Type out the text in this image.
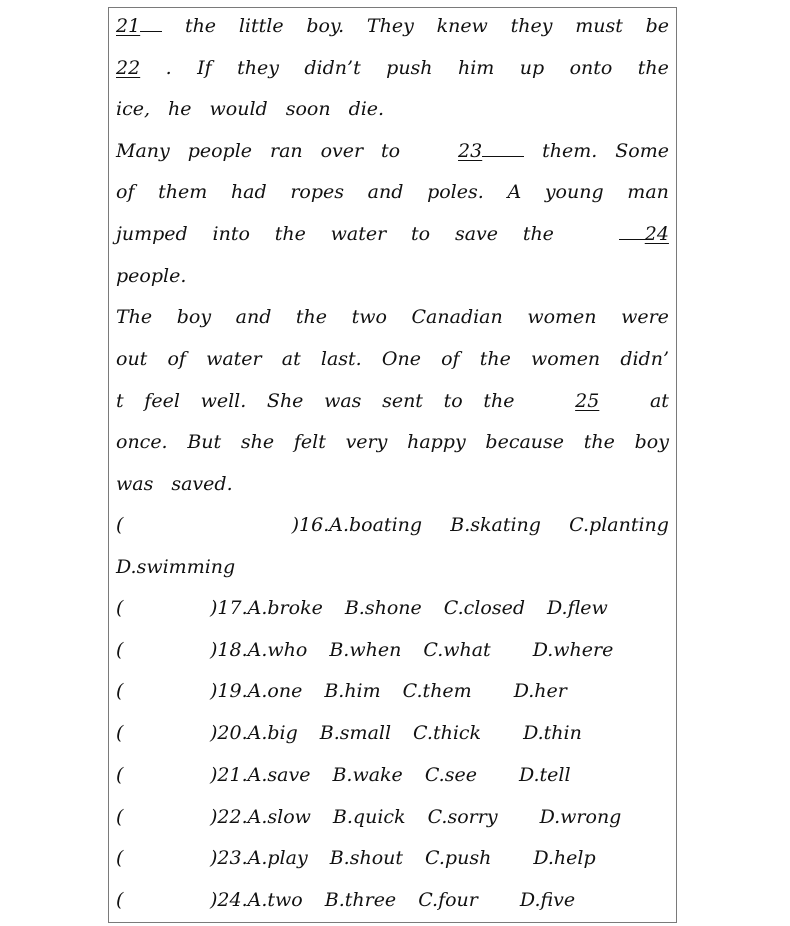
21	the little boy. They knew they must be
22 . If they didn’t push him up onto the
ice, he would soon die.
Many people ran over to	23	them. Some
of them had ropes and poles. A young man
jumped into the water to save the	24
people.
The boy and the two Canadian women were
out of water at last. One of the women didn’
t feel well. She was sent to the	25	at
once. But she felt very happy because the boy
was saved.
(	)16.A.boating B.skating C.planting
D.swimming
(	)17.A.broke B.shone C.closed D.flew
(	)18.A.who B.when C.what D.where
(	)19.A.one B.him C.them D.her
(	)20.A.big B.small C.thick D.thin
(	)21.A.save B.wake C.see D.tell
(	)22.A.slow B.quick C.sorry D.wrong
(	)23.A.play B.shout C.push D.help
(	)24.A.two B.three C.four D.five
